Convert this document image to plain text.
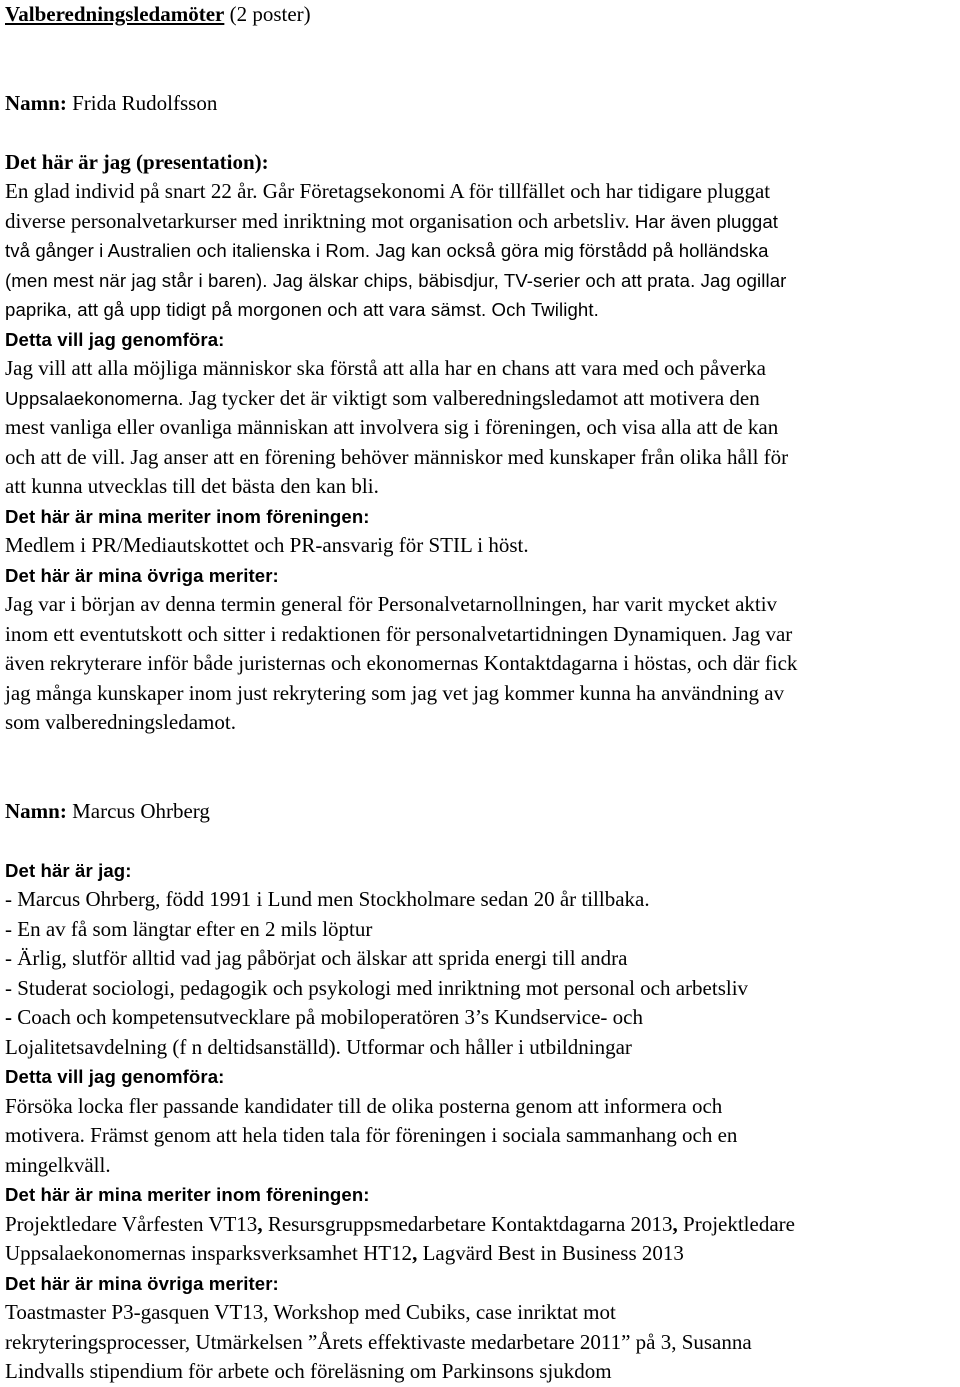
Valberedningsledamöter (2 poster)
Namn: Frida Rudolfsson
Det här är jag (presentation):
En glad individ på snart 22 år. Går Företagsekonomi A för tillfället och har tidigare pluggat
diverse personalvetarkurser med inriktning mot organisation och arbetsliv. Har även pluggat
två gånger i Australien och italienska i Rom. Jag kan också göra mig förstådd på holländska
(men mest när jag står i baren). Jag älskar chips, bäbisdjur, TV-serier och att prata. Jag ogillar
paprika, att gå upp tidigt på morgonen och att vara sämst. Och Twilight.
Detta vill jag genomföra:
Jag vill att alla möjliga människor ska förstå att alla har en chans att vara med och påverka
Uppsalaekonomerna. Jag tycker det är viktigt som valberedningsledamot att motivera den
mest vanliga eller ovanliga människan att involvera sig i föreningen, och visa alla att de kan
och att de vill. Jag anser att en förening behöver människor med kunskaper från olika håll för
att kunna utvecklas till det bästa den kan bli.
Det här är mina meriter inom föreningen:
Medlem i PR/Mediautskottet och PR-ansvarig för STIL i höst.
Det här är mina övriga meriter:
Jag var i början av denna termin general för Personalvetarnollningen, har varit mycket aktiv
inom ett eventutskott och sitter i redaktionen för personalvetartidningen Dynamiquen. Jag var
även rekryterare inför både juristernas och ekonomernas Kontaktdagarna i höstas, och där fick
jag många kunskaper inom just rekrytering som jag vet jag kommer kunna ha användning av
som valberedningsledamot.
Namn: Marcus Ohrberg
Det här är jag:
- Marcus Ohrberg, född 1991 i Lund men Stockholmare sedan 20 år tillbaka.
- En av få som längtar efter en 2 mils löptur
- Ärlig, slutför alltid vad jag påbörjat och älskar att sprida energi till andra
- Studerat sociologi, pedagogik och psykologi med inriktning mot personal och arbetsliv
- Coach och kompetensutvecklare på mobiloperatören 3’s Kundservice- och
Lojalitetsavdelning (f n deltidsanställd). Utformar och håller i utbildningar
Detta vill jag genomföra:
Försöka locka fler passande kandidater till de olika posterna genom att informera och
motivera. Främst genom att hela tiden tala för föreningen i sociala sammanhang och en
mingelkväll.
Det här är mina meriter inom föreningen:
Projektledare Vårfesten VT13, Resursgruppsmedarbetare Kontaktdagarna 2013, Projektledare
Uppsalaekonomernas insparksverksamhet HT12, Lagvärd Best in Business 2013
Det här är mina övriga meriter:
Toastmaster P3-gasquen VT13, Workshop med Cubiks, case inriktat mot
rekryteringsprocesser, Utmärkelsen ”Årets effektivaste medarbetare 2011” på 3, Susanna
Lindvalls stipendium för arbete och föreläsning om Parkinsons sjukdom
